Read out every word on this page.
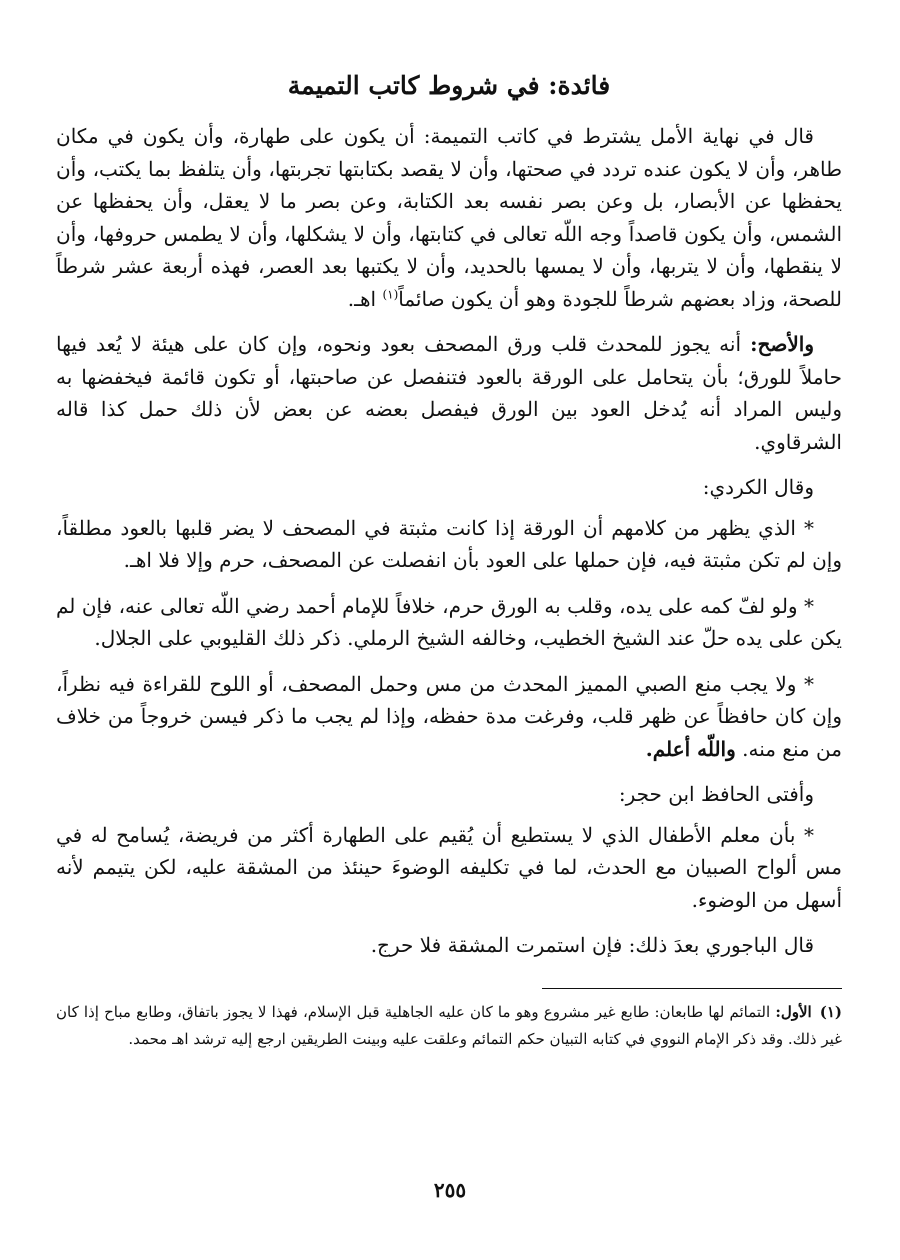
فائدة: في شروط كاتب التميمة

قال في نهاية الأمل يشترط في كاتب التميمة: أن يكون على طهارة، وأن يكون في مكان طاهر، وأن لا يكون عنده تردد في صحتها، وأن لا يقصد بكتابتها تجربتها، وأن يتلفظ بما يكتب، وأن يحفظها عن الأبصار، بل وعن بصر نفسه بعد الكتابة، وعن بصر ما لا يعقل، وأن يحفظها عن الشمس، وأن يكون قاصداً وجه اللّه تعالى في كتابتها، وأن لا يشكلها، وأن لا يطمس حروفها، وأن لا ينقطها، وأن لا يتربها، وأن لا يمسها بالحديد، وأن لا يكتبها بعد العصر، فهذه أربعة عشر شرطاً للصحة، وزاد بعضهم شرطاً للجودة وهو أن يكون صائماً$^{(١)}$ اهـ.

والأصح: أنه يجوز للمحدث قلب ورق المصحف بعود ونحوه، وإن كان على هيئة لا يُعد فيها حاملاً للورق؛ بأن يتحامل على الورقة بالعود فتنفصل عن صاحبتها، أو تكون قائمة فيخفضها به وليس المراد أنه يُدخل العود بين الورق فيفصل بعضه عن بعض لأن ذلك حمل كذا قاله الشرقاوي.

وقال الكردي:

* الذي يظهر من كلامهم أن الورقة إذا كانت مثبتة في المصحف لا يضر قلبها بالعود مطلقاً، وإن لم تكن مثبتة فيه، فإن حملها على العود بأن انفصلت عن المصحف، حرم وإلا فلا اهـ.

* ولو لفّ كمه على يده، وقلب به الورق حرم، خلافاً للإمام أحمد رضي اللّه تعالى عنه، فإن لم يكن على يده حلّ عند الشيخ الخطيب، وخالفه الشيخ الرملي. ذكر ذلك القليوبي على الجلال.

* ولا يجب منع الصبي المميز المحدث من مس وحمل المصحف، أو اللوح للقراءة فيه نظراً، وإن كان حافظاً عن ظهر قلب، وفرغت مدة حفظه، وإذا لم يجب ما ذكر فيسن خروجاً من خلاف من منع منه. واللّه أعلم.

وأفتى الحافظ ابن حجر:

* بأن معلم الأطفال الذي لا يستطيع أن يُقيم على الطهارة أكثر من فريضة، يُسامح له في مس ألواح الصبيان مع الحدث، لما في تكليفه الوضوءَ حينئذ من المشقة عليه، لكن يتيمم لأنه أسهل من الوضوء.

قال الباجوري بعدَ ذلك: فإن استمرت المشقة فلا حرج.

(١)الأول: التمائم لها طابعان: طابع غير مشروع وهو ما كان عليه الجاهلية قبل الإسلام، فهذا لا يجوز باتفاق، وطابع مباح إذا كان غير ذلك. وقد ذكر الإمام النووي في كتابه التبيان حكم التمائم وعلقت عليه وبينت الطريقين ارجع إليه ترشد اهـ محمد.

٢٥٥
